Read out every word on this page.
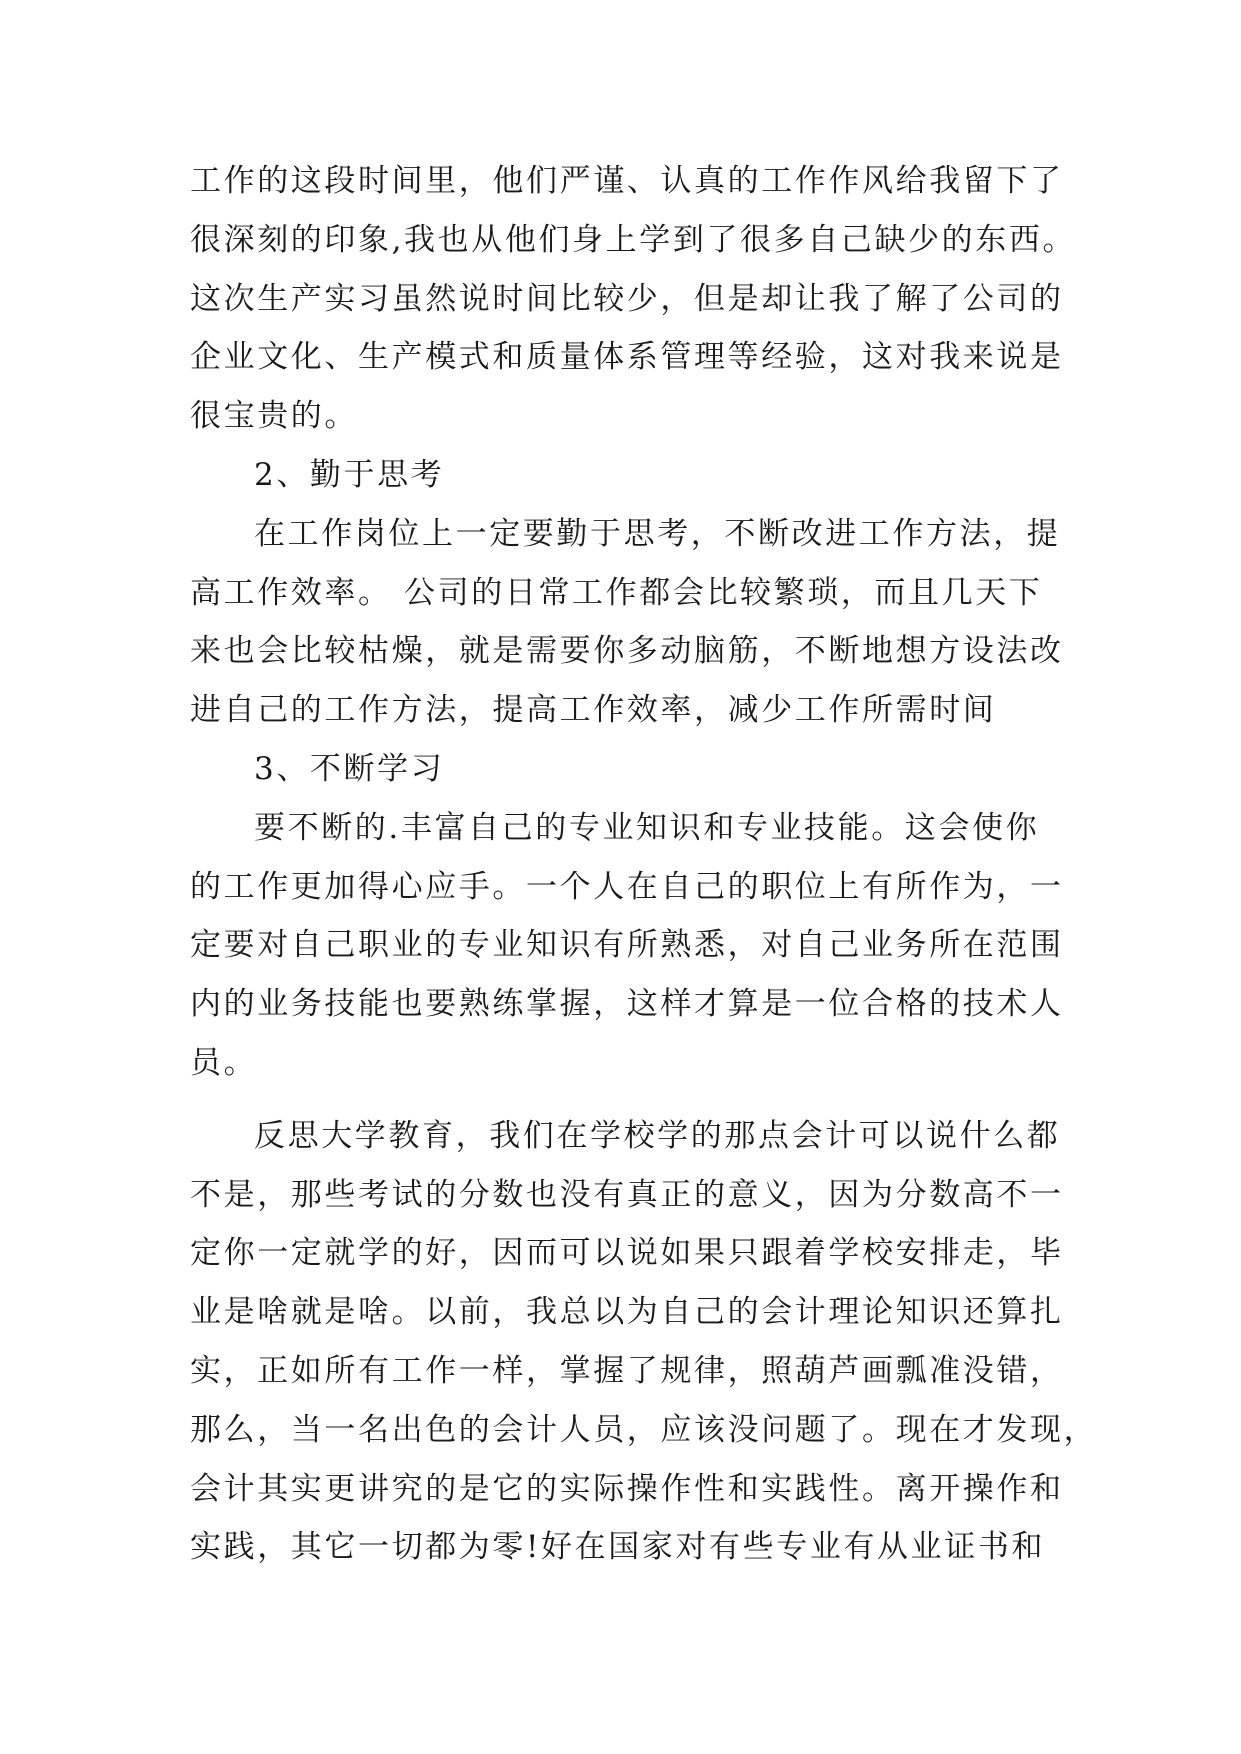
工作的这段时间里，他们严谨、认真的工作作风给我留下了
很深刻的印象,我也从他们身上学到了很多自己缺少的东西。
这次生产实习虽然说时间比较少，但是却让我了解了公司的
企业文化、生产模式和质量体系管理等经验，这对我来说是
很宝贵的。
2、勤于思考
在工作岗位上一定要勤于思考，不断改进工作方法，提
高工作效率。 公司的日常工作都会比较繁琐，而且几天下
来也会比较枯燥，就是需要你多动脑筋，不断地想方设法改
进自己的工作方法，提高工作效率，减少工作所需时间
3、不断学习
要不断的.丰富自己的专业知识和专业技能。这会使你
的工作更加得心应手。一个人在自己的职位上有所作为，一
定要对自己职业的专业知识有所熟悉，对自己业务所在范围
内的业务技能也要熟练掌握，这样才算是一位合格的技术人
员。
反思大学教育，我们在学校学的那点会计可以说什么都
不是，那些考试的分数也没有真正的意义，因为分数高不一
定你一定就学的好，因而可以说如果只跟着学校安排走，毕
业是啥就是啥。以前，我总以为自己的会计理论知识还算扎
实，正如所有工作一样，掌握了规律，照葫芦画瓢准没错，
那么，当一名出色的会计人员，应该没问题了。现在才发现，
会计其实更讲究的是它的实际操作性和实践性。离开操作和
实践，其它一切都为零!好在国家对有些专业有从业证书和
